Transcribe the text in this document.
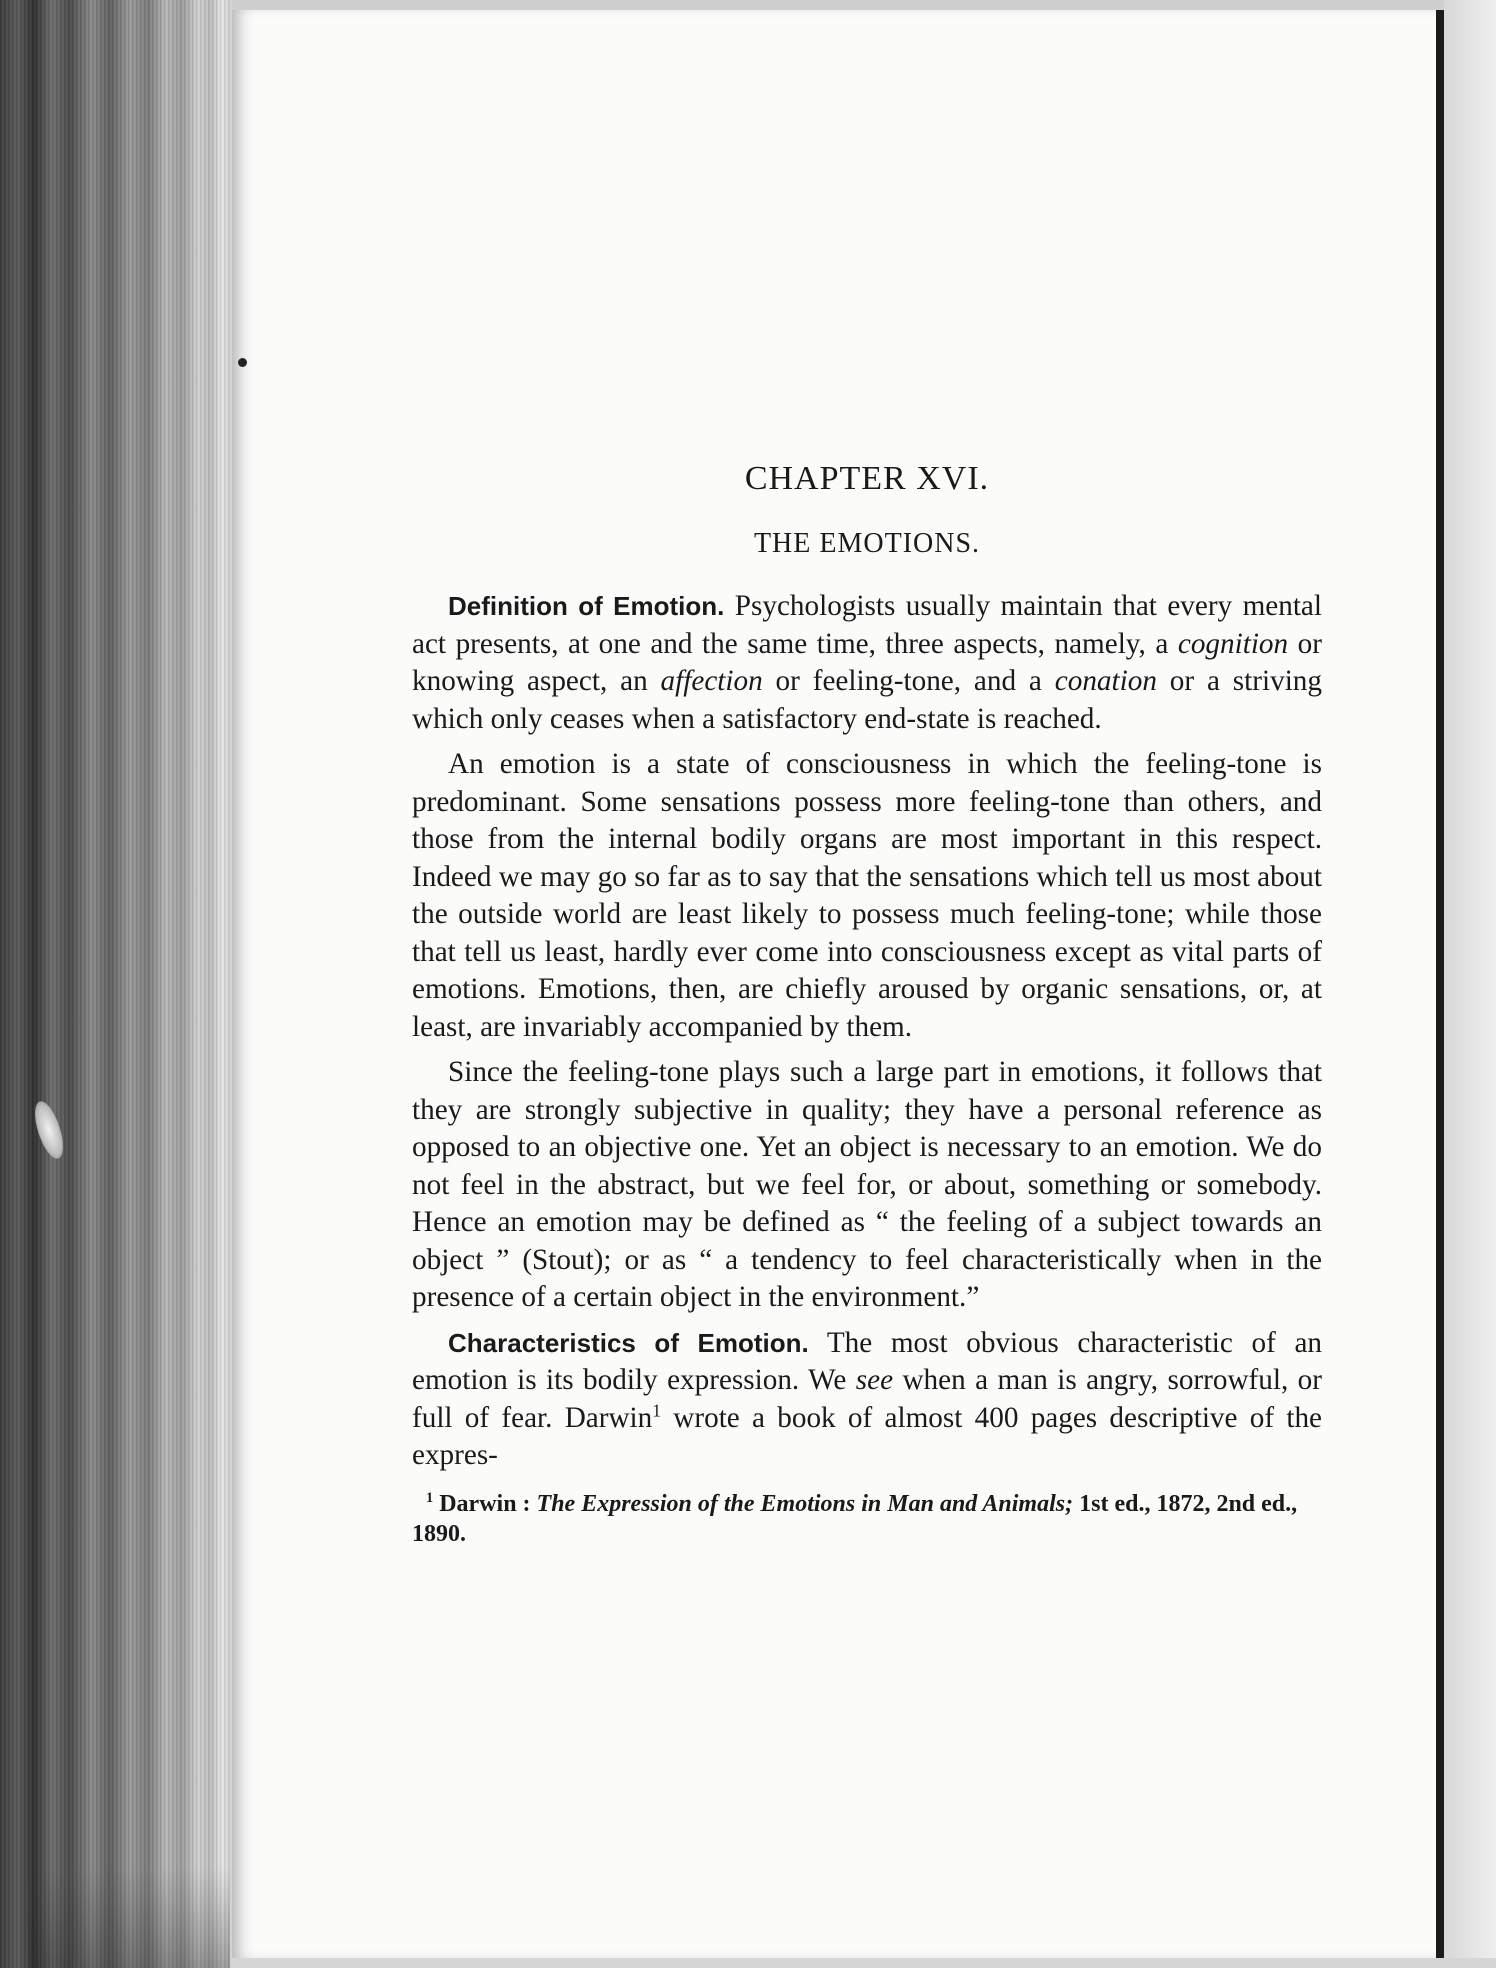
CHAPTER XVI.
THE EMOTIONS.

Definition of Emotion. Psychologists usually maintain that every mental act presents, at one and the same time, three aspects, namely, a cognition or knowing aspect, an affection or feeling-tone, and a conation or a striving which only ceases when a satisfactory end-state is reached.

An emotion is a state of consciousness in which the feeling-tone is predominant. Some sensations possess more feeling-tone than others, and those from the internal bodily organs are most important in this respect. Indeed we may go so far as to say that the sensations which tell us most about the outside world are least likely to possess much feeling-tone; while those that tell us least, hardly ever come into consciousness except as vital parts of emotions. Emotions, then, are chiefly aroused by organic sensations, or, at least, are invariably accompanied by them.

Since the feeling-tone plays such a large part in emotions, it follows that they are strongly subjective in quality; they have a personal reference as opposed to an objective one. Yet an object is necessary to an emotion. We do not feel in the abstract, but we feel for, or about, something or somebody. Hence an emotion may be defined as “ the feeling of a subject towards an object ” (Stout); or as “ a tendency to feel characteristically when in the presence of a certain object in the environment.”

Characteristics of Emotion. The most obvious characteristic of an emotion is its bodily expression. We see when a man is angry, sorrowful, or full of fear. Darwin$^1$ wrote a book of almost 400 pages descriptive of the expres-

$^1$ Darwin : The Expression of the Emotions in Man and Animals; 1st ed., 1872, 2nd ed., 1890.
